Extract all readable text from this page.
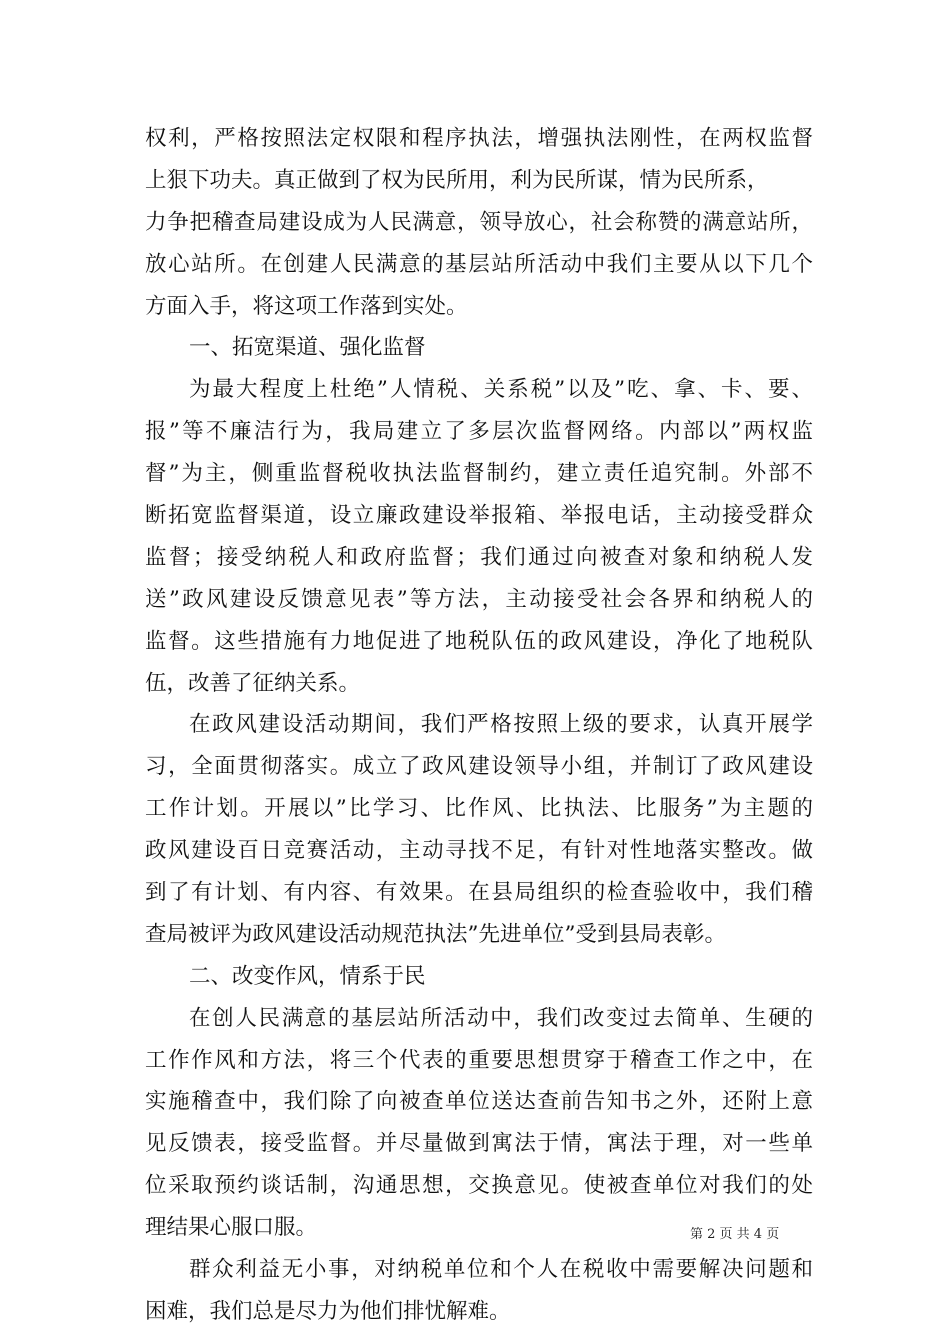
权利，严格按照法定权限和程序执法，增强执法刚性，在两权监督
上狠下功夫。真正做到了权为民所用，利为民所谋，情为民所系，
力争把稽查局建设成为人民满意，领导放心，社会称赞的满意站所，
放心站所。在创建人民满意的基层站所活动中我们主要从以下几个
方面入手，将这项工作落到实处。
一、拓宽渠道、强化监督
为最大程度上杜绝”人情税、关系税”以及”吃、拿、卡、要、
报”等不廉洁行为，我局建立了多层次监督网络。内部以”两权监
督”为主，侧重监督税收执法监督制约，建立责任追究制。外部不
断拓宽监督渠道，设立廉政建设举报箱、举报电话，主动接受群众
监督；接受纳税人和政府监督；我们通过向被查对象和纳税人发
送”政风建设反馈意见表”等方法，主动接受社会各界和纳税人的
监督。这些措施有力地促进了地税队伍的政风建设，净化了地税队
伍，改善了征纳关系。
在政风建设活动期间，我们严格按照上级的要求，认真开展学
习，全面贯彻落实。成立了政风建设领导小组，并制订了政风建设
工作计划。开展以”比学习、比作风、比执法、比服务”为主题的
政风建设百日竞赛活动，主动寻找不足，有针对性地落实整改。做
到了有计划、有内容、有效果。在县局组织的检查验收中，我们稽
查局被评为政风建设活动规范执法”先进单位”受到县局表彰。
二、改变作风，情系于民
在创人民满意的基层站所活动中，我们改变过去简单、生硬的
工作作风和方法，将三个代表的重要思想贯穿于稽查工作之中，在
实施稽查中，我们除了向被查单位送达查前告知书之外，还附上意
见反馈表，接受监督。并尽量做到寓法于情，寓法于理，对一些单
位采取预约谈话制，沟通思想，交换意见。使被查单位对我们的处
理结果心服口服。
群众利益无小事，对纳税单位和个人在税收中需要解决问题和
困难，我们总是尽力为他们排忧解难。
第 2 页 共 4 页
